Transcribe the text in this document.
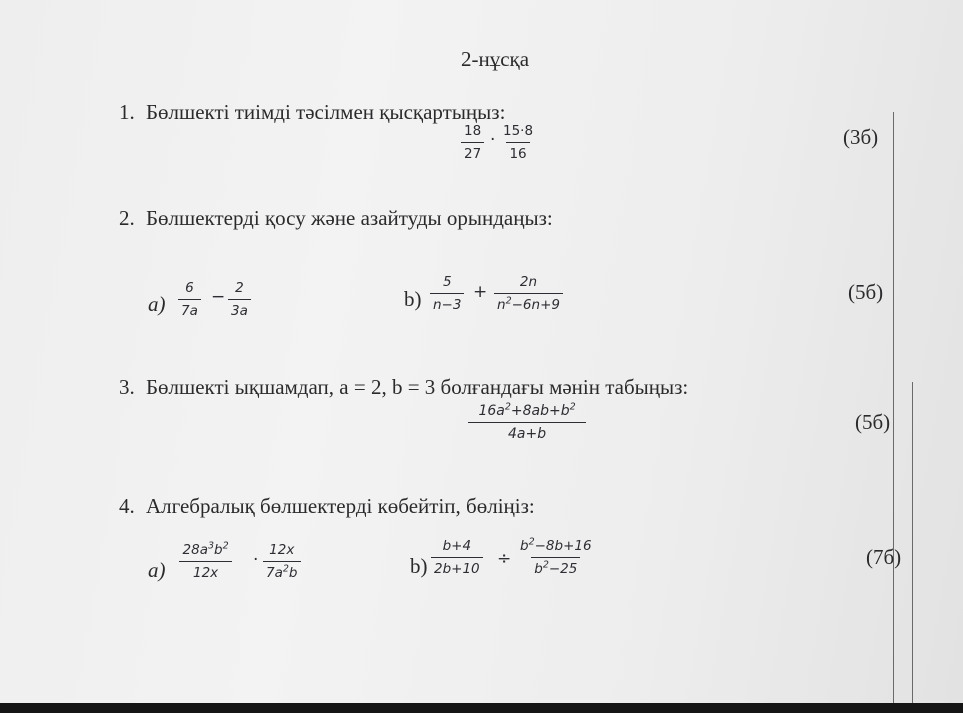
2-нұсқа
1. Бөлшекті тиімді тәсілмен қысқартыңыз:
$\frac{18}{27} \cdot \frac{15\cdot 8}{16}$	(3б)
2. Бөлшектерді қосу және азайтуды орындаңыз:
$a) \frac{6}{7a} - \frac{2}{3a}$	$b) \frac{5}{n-3} + \frac{2n}{n^2-6n+9}$	(5б)
3. Бөлшекті ықшамдап, a = 2, b = 3 болғандағы мәнін табыңыз:
$\frac{16a^2+8ab+b^2}{4a+b}$	(5б)
4. Алгебралық бөлшектерді көбейтіп, бөліңіз:
$a) \frac{28a^3b^2}{12x} \cdot \frac{12x}{7a^2b}$	$b) \frac{b+4}{2b+10} \div \frac{b^2-8b+16}{b^2-25}$	(7б)
